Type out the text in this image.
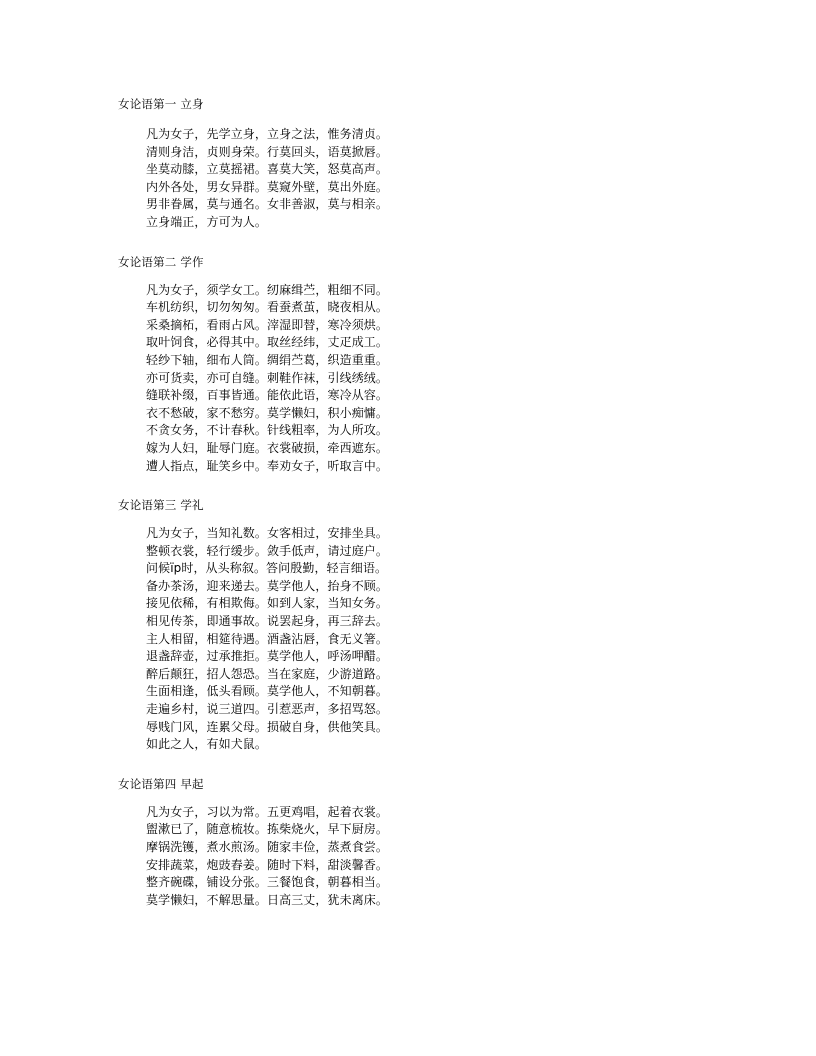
女论语第一 立身
凡为女子，先学立身，立身之法，惟务清贞。
清则身洁，贞则身荣。行莫回头，语莫掀唇。
坐莫动膝，立莫摇裙。喜莫大笑，怒莫高声。
内外各处，男女异群。莫窥外壁，莫出外庭。
男非眷属，莫与通名。女非善淑，莫与相亲。
立身端正，方可为人。
女论语第二 学作
凡为女子，须学女工。纫麻缉苎，粗细不同。
车机纺织，切勿匆匆。看蚕煮茧，晓夜相从。
采桑摘柘，看雨占风。滓湿即替，寒冷须烘。
取叶饲食，必得其中。取丝经纬，丈疋成工。
轻纱下轴，细布人筒。绸绢苎葛，织造重重。
亦可货卖，亦可自缝。刺鞋作袜，引线绣绒。
缝联补缀，百事皆通。能依此语，寒冷从容。
衣不愁破，家不愁穷。莫学懒妇，积小痴慵。
不贪女务，不计春秋。针线粗率，为人所攻。
嫁为人妇，耻辱门庭。衣裳破损，牵西遮东。
遭人指点，耻笑乡中。奉劝女子，听取言中。
女论语第三 学礼
凡为女子，当知礼数。女客相过，安排坐具。
整顿衣裳，轻行缓步。敛手低声，请过庭户。
问候ïp时，从头称叙。答问殷勤，轻言细语。
备办茶汤，迎来递去。莫学他人，抬身不顾。
接见依稀，有相欺侮。如到人家，当知女务。
相见传茶，即通事故。说罢起身，再三辞去。
主人相留，相筵待遇。酒盏沾唇，食无义箸。
退盏辞壶，过承推拒。莫学他人，呼汤呷醋。
醉后颠狂，招人怨恐。当在家庭，少游道路。
生面相逢，低头看顾。莫学他人，不知朝暮。
走遍乡村，说三道四。引惹恶声，多招骂怒。
辱贱门风，连累父母。损破自身，供他笑具。
如此之人，有如犬鼠。
女论语第四 早起
凡为女子，习以为常。五更鸡唱，起着衣裳。
盥漱已了，随意梳妆。拣柴烧火，早下厨房。
摩锅洗镬，煮水煎汤。随家丰俭，蒸煮食尝。
安排蔬菜，炮豉舂姜。随时下料，甜淡馨香。
整齐碗碟，铺设分张。三餐饱食，朝暮相当。
莫学懒妇，不解思量。日高三丈，犹未离床。
